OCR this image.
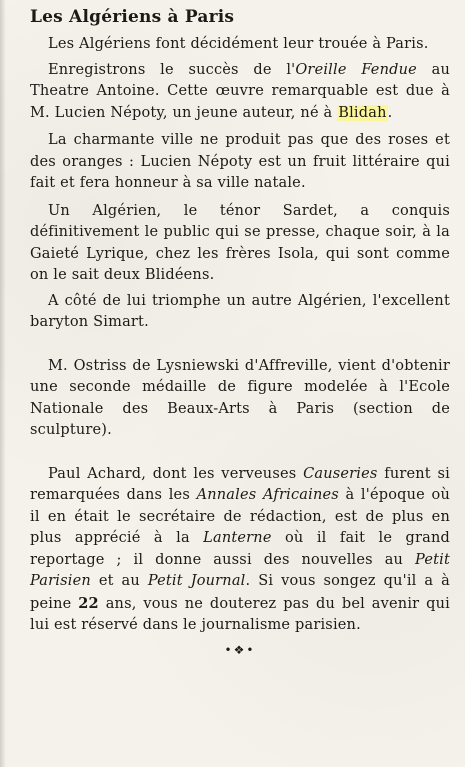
Les Algériens à Paris

Les Algériens font décidément leur trouée à Paris.

Enregistrons le succès de l'Oreille Fendue au Theatre Antoine. Cette œuvre remarquable est due à M. Lucien Népoty, un jeune auteur, né à Blidah.

La charmante ville ne produit pas que des roses et des oranges : Lucien Népoty est un fruit littéraire qui fait et fera honneur à sa ville natale.

Un Algérien, le ténor Sardet, a conquis définitivement le public qui se presse, chaque soir, à la Gaieté Lyrique, chez les frères Isola, qui sont comme on le sait deux Blidéens.

A côté de lui triomphe un autre Algérien, l'excellent baryton Simart.

M. Ostriss de Lysniewski d'Affreville, vient d'obtenir une seconde médaille de figure modelée à l'Ecole Nationale des Beaux-Arts à Paris (section de sculpture).

Paul Achard, dont les verveuses Causeries furent si remarquées dans les Annales Africaines à l'époque où il en était le secrétaire de rédaction, est de plus en plus apprécié à la Lanterne où il fait le grand reportage ; il donne aussi des nouvelles au Petit Parisien et au Petit Journal. Si vous songez qu'il a à peine 22 ans, vous ne douterez pas du bel avenir qui lui est réservé dans le journalisme parisien.

•❖•
